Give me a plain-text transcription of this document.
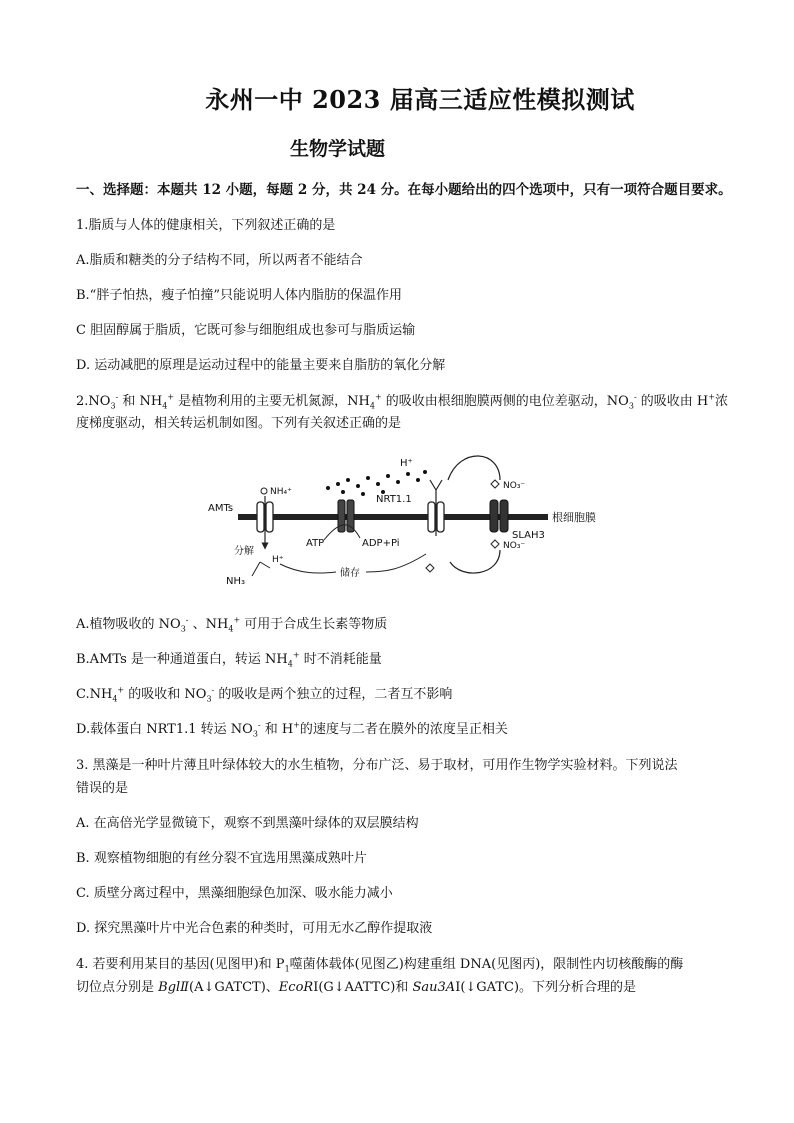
永州一中 2023 届高三适应性模拟测试
生物学试题
一、选择题：本题共 12 小题，每题 2 分，共 24 分。在每小题给出的四个选项中，只有一项符合题目要求。
1.脂质与人体的健康相关，下列叙述正确的是
A.脂质和糖类的分子结构不同，所以两者不能结合
B.“胖子怕热，瘦子怕撞”只能说明人体内脂肪的保温作用
C 胆固醇属于脂质，它既可参与细胞组成也参可与脂质运输
D. 运动减肥的原理是运动过程中的能量主要来自脂肪的氧化分解
$2.NO_3^-$ 和 $NH_4^+$ 是植物利用的主要无机氮源，$NH_4^+$ 的吸收由根细胞膜两侧的电位差驱动，$NO_3^-$ 的吸收由 H+浓
度梯度驱动，相关转运机制如图。下列有关叙述正确的是
根细胞膜
AMTs
NH₄⁺
NRT1.1
H⁺
SLAH3
NO₃⁻
NO₃⁻
ATP	ADP+Pi
分解
H⁺
NH₃
储存
A.植物吸收的 $NO_3^-$ 、$NH_4^+$ 可用于合成生长素等物质
B.AMTs 是一种通道蛋白，转运 $NH_4^+$ 时不消耗能量
$C.NH_4^+$ 的吸收和 $NO_3^-$ 的吸收是两个独立的过程，二者互不影响
D.载体蛋白 NRT1.1 转运 $NO_3^-$ 和 H+的速度与二者在膜外的浓度呈正相关
3. 黑藻是一种叶片薄且叶绿体较大的水生植物，分布广泛、易于取材，可用作生物学实验材料。下列说法
错误的是
A. 在高倍光学显微镜下，观察不到黑藻叶绿体的双层膜结构
B. 观察植物细胞的有丝分裂不宜选用黑藻成熟叶片
C. 质壁分离过程中，黑藻细胞绿色加深、吸水能力减小
D. 探究黑藻叶片中光合色素的种类时，可用无水乙醇作提取液
4. 若要利用某目的基因(见图甲)和 $P_1$噬菌体载体(见图乙)构建重组 DNA(见图丙)，限制性内切核酸酶的酶
切位点分别是 BglⅡ(A↓GATCT)、EcoRⅠ(G↓AATTC)和 Sau3AⅠ(↓GATC)。下列分析合理的是
